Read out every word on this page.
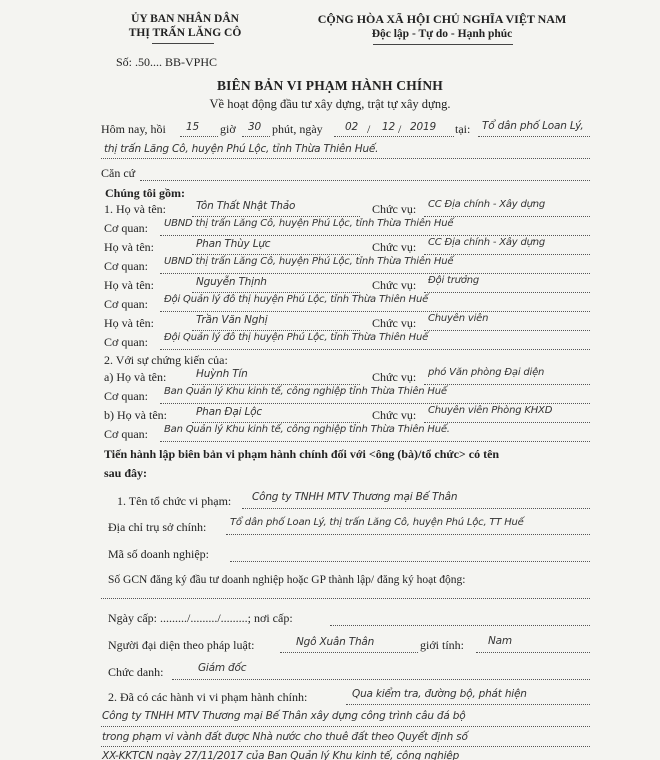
ỦY BAN NHÂN DÂN
THỊ TRẤN LĂNG CÔ
CỘNG HÒA XÃ HỘI CHỦ NGHĨA VIỆT NAM
Độc lập - Tự do - Hạnh phúc
Số: .50.... BB-VPHC
BIÊN BẢN VI PHẠM HÀNH CHÍNH
Về hoạt động đầu tư xây dựng, trật tự xây dựng.
Hôm nay, hồi 15 giờ 30 phút, ngày 02 / 12 / 2019 tại: Tổ dân phố Loan Lý,
thị trấn Lăng Cô, huyện Phú Lộc, tỉnh Thừa Thiên Huế.
Căn cứ
Chúng tôi gồm:
1. Họ và tên:	Tôn Thất Nhật Thảo	Chức vụ: CC Địa chính - Xây dựng
Cơ quan: UBND thị trấn Lăng Cô, huyện Phú Lộc, tỉnh Thừa Thiên Huế
Họ và tên:	Phan Thùy Lực	Chức vụ: CC Địa chính - Xây dựng
Cơ quan: UBND thị trấn Lăng Cô, huyện Phú Lộc, tỉnh Thừa Thiên Huế
Họ và tên:	Nguyễn Thịnh	Chức vụ: Đội trưởng
Cơ quan: Đội Quản lý đô thị huyện Phú Lộc, tỉnh Thừa Thiên Huế
Họ và tên:	Trần Văn Nghị	Chức vụ: Chuyên viên
Cơ quan: Đội Quản lý đô thị huyện Phú Lộc, tỉnh Thừa Thiên Huế
2. Với sự chứng kiến của:
a) Họ và tên:	Huỳnh Tín	Chức vụ: phó Văn phòng Đại diện
Cơ quan: Ban Quản lý Khu kinh tế, công nghiệp tỉnh Thừa Thiên Huế
b) Họ và tên:	Phan Đại Lộc	Chức vụ: Chuyên viên Phòng KHXD
Cơ quan: Ban Quản lý Khu kinh tế, công nghiệp tỉnh Thừa Thiên Huế.
Tiến hành lập biên bản vi phạm hành chính đối với <ông (bà)/tổ chức> có tên
sau đây:
1. Tên tổ chức vi phạm: Công ty TNHH MTV Thương mại Bế Thân
Địa chỉ trụ sở chính: Tổ dân phố Loan Lý, thị trấn Lăng Cô, huyện Phú Lộc, TT Huế
Mã số doanh nghiệp:
Số GCN đăng ký đầu tư doanh nghiệp hoặc GP thành lập/ đăng ký hoạt động:
Ngày cấp: ........./........./.........; nơi cấp:
Người đại diện theo pháp luật:	Ngô Xuân Thân	giới tính: Nam
Chức danh:	Giám đốc
2. Đã có các hành vi vi phạm hành chính:	Qua kiểm tra, đường bộ, phát hiện
Công ty TNHH MTV Thương mại Bế Thân xây dựng công trình câu đá bộ
trong phạm vi vành đất được Nhà nước cho thuê đất theo Quyết định số
XX-KKTCN ngày 27/11/2017 của Ban Quản lý Khu kinh tế, công nghiệp
